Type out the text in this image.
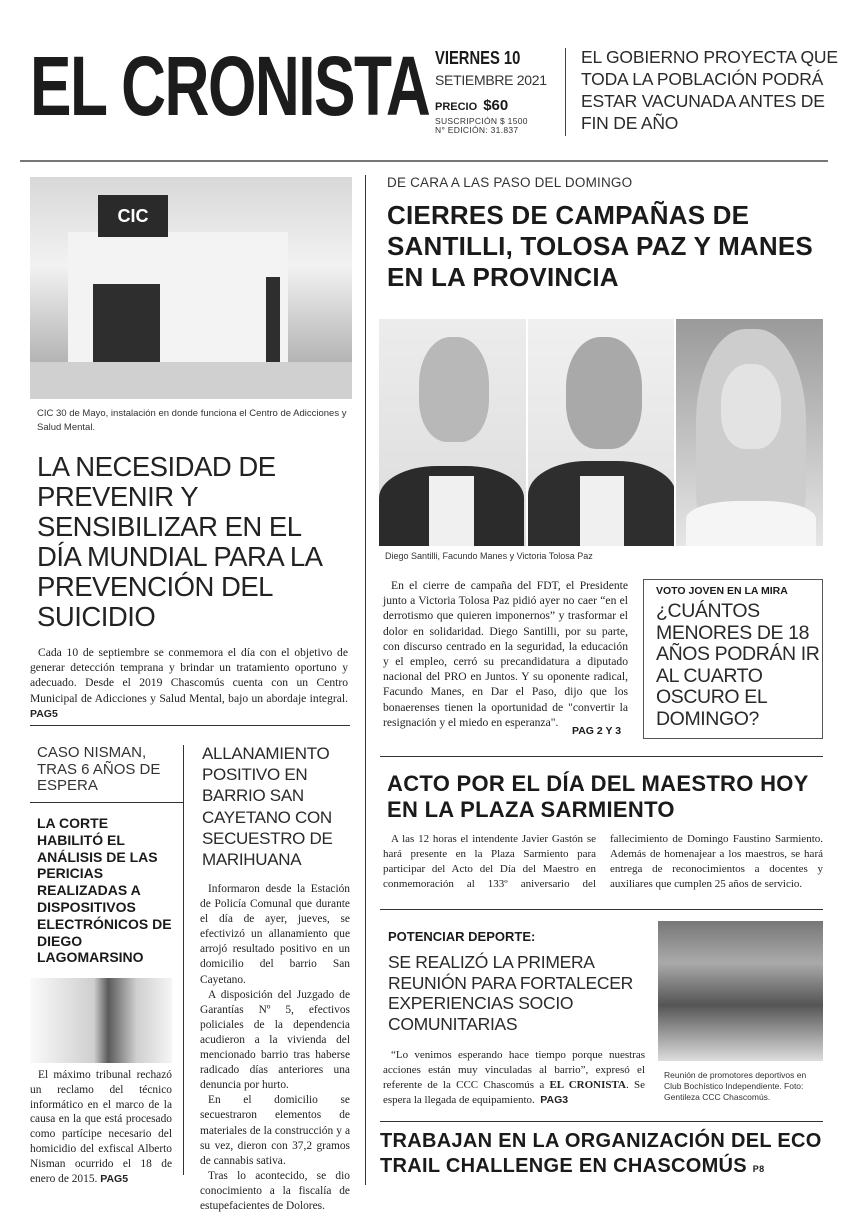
EL CRONISTA VIERNES 10
SETIEMBRE 2021
PRECIO $60
SUSCRIPCIÓN $ 1500
N° EDICIÓN: 31.837
EL GOBIERNO PROYECTA QUE TODA LA POBLACIÓN PODRÁ ESTAR VACUNADA ANTES DE FIN DE AÑO
CIC
CIC 30 de Mayo, instalación en donde funciona el Centro de Adicciones y Salud Mental.
LA NECESIDAD DE PREVENIR Y SENSIBILIZAR EN EL DÍA MUNDIAL PARA LA PREVENCIÓN DEL SUICIDIO
Cada 10 de septiembre se conmemora el día con el objetivo de generar detección temprana y brindar un tratamiento oportuno y adecuado. Desde el 2019 Chascomús cuenta con un Centro Municipal de Adicciones y Salud Mental, bajo un abordaje integral. PAG5
CASO NISMAN, TRAS 6 AÑOS DE ESPERA
LA CORTE HABILITÓ EL ANÁLISIS DE LAS PERICIAS REALIZADAS A DISPOSITIVOS ELECTRÓNICOS DE DIEGO LAGOMARSINO
El máximo tribunal rechazó un reclamo del técnico informático en el marco de la causa en la que está procesado como partícipe necesario del homicidio del exfiscal Alberto Nisman ocurrido el 18 de enero de 2015. PAG5
ALLANAMIENTO POSITIVO EN BARRIO SAN CAYETANO CON SECUESTRO DE MARIHUANA
Informaron desde la Estación de Policía Comunal que durante el día de ayer, jueves, se efectivizó un allanamiento que arrojó resultado positivo en un domicilio del barrio San Cayetano.
A disposición del Juzgado de Garantías Nº 5, efectivos policiales de la dependencia acudieron a la vivienda del mencionado barrio tras haberse radicado días anteriores una denuncia por hurto.
En el domicilio se secuestraron elementos de materiales de la construcción y a su vez, dieron con 37,2 gramos de cannabis sativa.
Tras lo acontecido, se dio conocimiento a la fiscalía de estupefacientes de Dolores.
DE CARA A LAS PASO DEL DOMINGO
CIERRES DE CAMPAÑAS DE SANTILLI, TOLOSA PAZ Y MANES EN LA PROVINCIA
Diego Santilli, Facundo Manes y Victoria Tolosa Paz
En el cierre de campaña del FDT, el Presidente junto a Victoria Tolosa Paz pidió ayer no caer “en el derrotismo que quieren imponernos” y trasformar el dolor en solidaridad. Diego Santilli, por su parte, con discurso centrado en la seguridad, la educación y el empleo, cerró su precandidatura a diputado nacional del PRO en Juntos. Y su oponente radical, Facundo Manes, en Dar el Paso, dijo que los bonaerenses tienen la oportunidad de "convertir la resignación y el miedo en esperanza".
PAG 2 Y 3
VOTO JOVEN EN LA MIRA
¿CUÁNTOS MENORES DE 18 AÑOS PODRÁN IR AL CUARTO OSCURO EL DOMINGO?
ACTO POR EL DÍA DEL MAESTRO HOY EN LA PLAZA SARMIENTO
A las 12 horas el intendente Javier Gastón se hará presente en la Plaza Sarmiento para participar del Acto del Día del Maestro en conmemoración al 133º aniversario del fallecimiento de Domingo Faustino Sarmiento. Además de homenajear a los maestros, se hará entrega de reconocimientos a docentes y auxiliares que cumplen 25 años de servicio.
POTENCIAR DEPORTE:
SE REALIZÓ LA PRIMERA REUNIÓN PARA FORTALECER EXPERIENCIAS SOCIO COMUNITARIAS
“Lo venimos esperando hace tiempo porque nuestras acciones están muy vinculadas al barrio”, expresó el referente de la CCC Chascomús a EL CRONISTA. Se espera la llegada de equipamiento. PAG3
Reunión de promotores deportivos en Club Bochístico Independiente. Foto: Gentileza CCC Chascomús.
TRABAJAN EN LA ORGANIZACIÓN DEL ECO TRAIL CHALLENGE EN CHASCOMÚS P8
